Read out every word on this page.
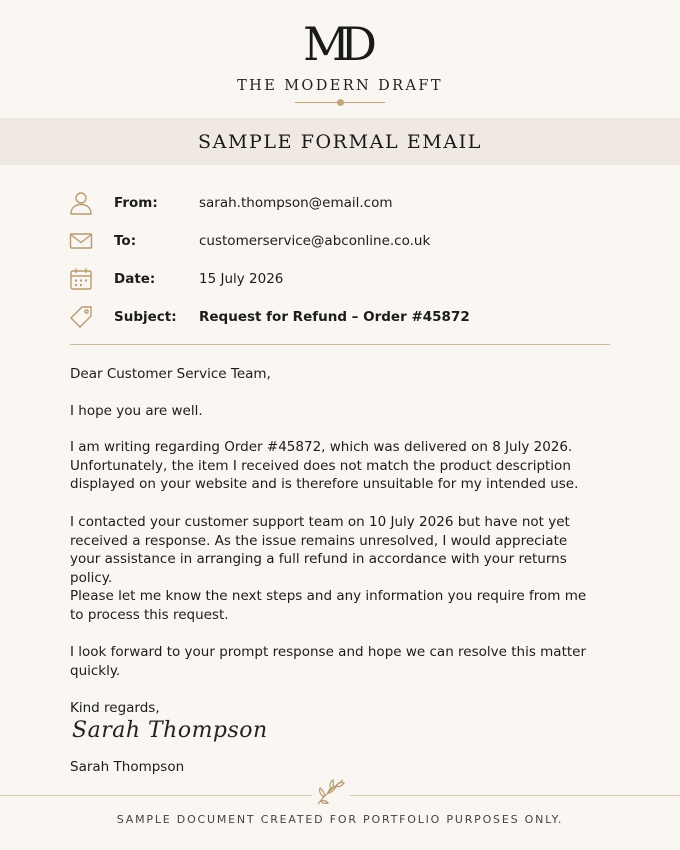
MD
THE MODERN DRAFT
SAMPLE FORMAL EMAIL
From:	sarah.thompson@email.com
To:	customerservice@abconline.co.uk
Date:	15 July 2026
Subject: Request for Refund – Order #45872
Dear Customer Service Team,
I hope you are well.
I am writing regarding Order #45872, which was delivered on 8 July 2026.
Unfortunately, the item I received does not match the product description
displayed on your website and is therefore unsuitable for my intended use.
I contacted your customer support team on 10 July 2026 but have not yet
received a response. As the issue remains unresolved, I would appreciate
your assistance in arranging a full refund in accordance with your returns policy.
Please let me know the next steps and any information you require from me
to process this request.
I look forward to your prompt response and hope we can resolve this matter
quickly.
Kind regards,
Sarah Thompson
Sarah Thompson
SAMPLE DOCUMENT CREATED FOR PORTFOLIO PURPOSES ONLY.
